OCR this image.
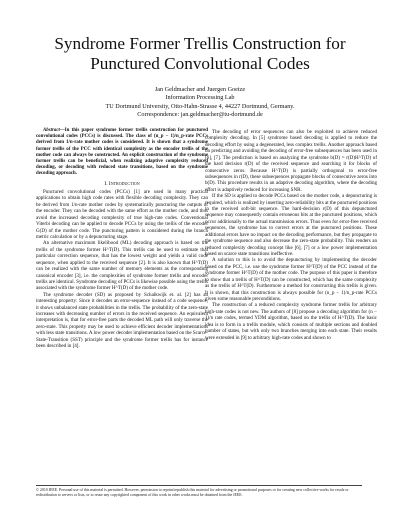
Syndrome Former Trellis Construction for
Punctured Convolutional Codes
Jan Geldmacher and Juergen Goetze
Information Processing Lab
TU Dortmund University, Otto-Hahn-Strasse 4, 44227 Dortmund, Germany.
Correspondence: jan.geldmacher@tu-dortmund.de

Abstract—In this paper syndrome former trellis construction for punctured convolutional codes (PCCs) is discussed. The class of (n_p − 1)/n_p-rate PCCs derived from 1/n-rate mother codes is considered. It is shown that a syndrome former trellis of the PCC with identical complexity as the encoder trellis of the mother code can always be constructed. An explicit construction of the syndrome former trellis can be beneficial, when realizing adaptive complexity reduced decoding, or decoding with reduced state transitions, based on the syndrome decoding approach.

I. Introduction

Punctured convolutional codes (PCCs) [1] are used in many practical applications to obtain high code rates with flexible decoding complexity. They can be derived from 1/n-rate mother codes by systematically puncturing the outputs of the encoder. They can be decoded with the same effort as the mother code, and thus avoid the increased decoding complexity of true high-rate codes. Conventional Viterbi decoding can be applied to decode PCCs by using the trellis of the encoder G(D) of the mother code. The puncturing pattern is considered during the branch metric calculation or by a depuncturing stage.

An alternative maximum likelihood (ML) decoding approach is based on the trellis of the syndrome former H^T(D). This trellis can be used to estimate that particular correction sequence, that has the lowest weight and yields a valid code sequence, when applied to the received sequence [2]. It is also known that H^T(D) can be realized with the same number of memory elements as the corresponding canonical encoder [3], i.e. the complexities of syndrome former trellis and encoder trellis are identical. Syndrome decoding of PCCs is likewise possible using the trellis associated with the syndrome former H^T(D) of the mother code.

The syndrome decoder (SD) as proposed by Schalkwijk et. al. [2] has an interesting property: Since it decodes an error-sequence instead of a code sequence, it shows unbalanced state probabilities in the trellis. The probability of the zero-state increases with decreasing number of errors in the received sequence. An equivalent interpretation is, that for error-free parts the decoded ML path will only traverse the zero-state. This property may be used to achieve efficient decoder implementations with less state transitions. A low power decoder implementation based on the Scarce-State-Transition (SST) principle and the syndrome former trellis has for instance been described in [4].

The decoding of error sequences can also be exploited to achieve reduced complexity decoding. In [5] syndrome based decoding is applied to reduce the decoding effort by using a degenerated, less complex trellis. Another approach based on predicting and avoiding the decoding of error-free subsequences has been used in [6], [7]. The prediction is based on analyzing the syndrome b(D) = r(D)H^T(D) of the hard decision r(D) of the received sequence and searching it for blocks of consecutive zeros. Because H^T(D) is partially orthogonal to error-free subsequences in r(D), these subsequences propagate blocks of consecutive zeros into b(D). This procedure results in an adaptive decoding algorithm, where the decoding effort is adaptively reduced for increasing SNR.

If the SD is applied to decode PCCs based on the mother code, a depuncturing is required, which is realized by inserting zero-reliability bits at the punctured positions in the received soft-bit sequence. The hard-decision r(D) of this depunctured sequence may consequently contain erroneous bits at the punctured positions, which occur additionally to the actual transmission errors. Thus even for error-free received sequences, the syndrome has to correct errors at the punctured positions. These additional errors have no impact on the decoding performance, but they propagate to the syndrome sequence and also decrease the zero-state probability. This renders an reduced complexity decoding concept like [6], [7] or a low power implementation based on scarce state transitions ineffective.

A solution to this is to avoid the depuncturing by implementing the decoder based on the PCC, i.e. use the syndrome former H^T(D) of the PCC instead of the syndrome former H^T(D) of the mother code. The purpose of this paper is therefore to show that a trellis of H^T(D) can be constructed, which has the same complexity as the trellis of H^T(D). Furthermore a method for constructing this trellis is given. It is shown, that this construction is always possible for (n_p − 1)/n_p-rate PCCs given some reasonable preconditions.

The construction of a reduced complexity syndrome former trellis for arbitrary high-rate codes is not new. The authors of [8] propose a decoding algorithm for (n − 1)/n rate codes, termed YDM algorithm, based on the trellis of H^T(D). The basic idea is to form in a trellis module, which consists of multiple sections and doubled number of states, but with only two branches merging into each state. Their results were extended in [9] to arbitrary high-rate codes and shown to

© 2010 IEEE. Personal use of this material is permitted. However, permission to reprint/republish this material for advertising or promotional purposes or for creating new collective works for resale or redistribution to servers or lists, or to reuse any copyrighted component of this work in other works must be obtained from the IEEE.
